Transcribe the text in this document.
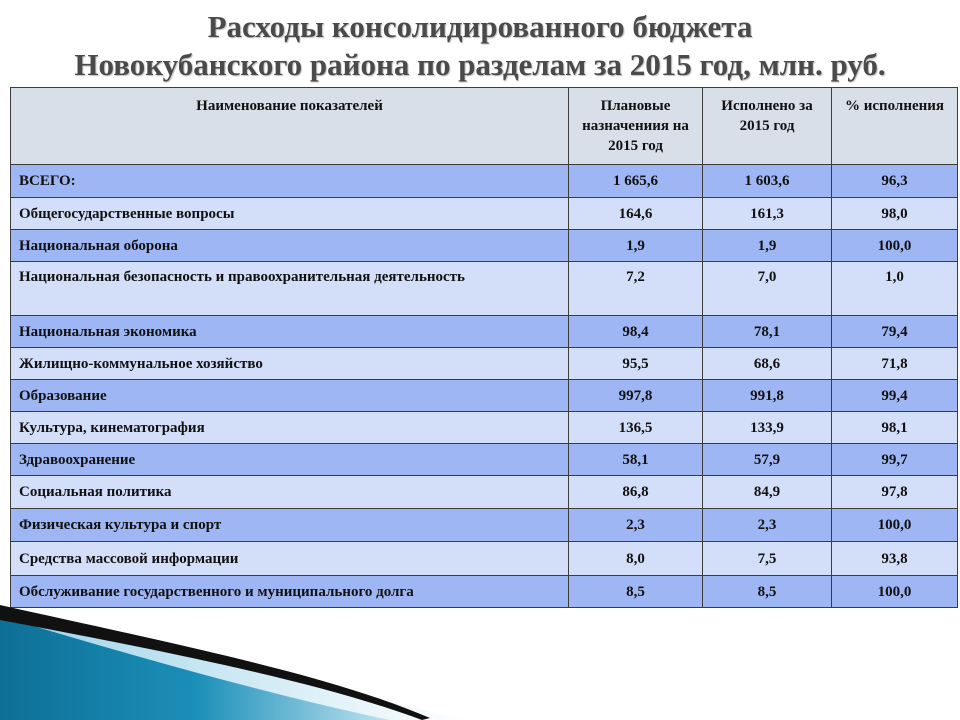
Расходы консолидированного бюджета
Новокубанского района по разделам за 2015 год, млн. руб.
Наименование показателей	Плановые назначениия на 2015 год	Исполнено за 2015 год	% исполнения
ВСЕГО:	1 665,6	1 603,6	96,3
Общегосударственные вопросы	164,6	161,3	98,0
Национальная оборона	1,9	1,9	100,0
Национальная безопасность и правоохранительная деятельность	7,2	7,0	1,0
Национальная экономика	98,4	78,1	79,4
Жилищно-коммунальное хозяйство	95,5	68,6	71,8
Образование	997,8	991,8	99,4
Культура, кинематография	136,5	133,9	98,1
Здравоохранение	58,1	57,9	99,7
Социальная политика	86,8	84,9	97,8
Физическая культура и спорт	2,3	2,3	100,0
Средства массовой информации	8,0	7,5	93,8
Обслуживание государственного и муниципального долга	8,5	8,5	100,0
